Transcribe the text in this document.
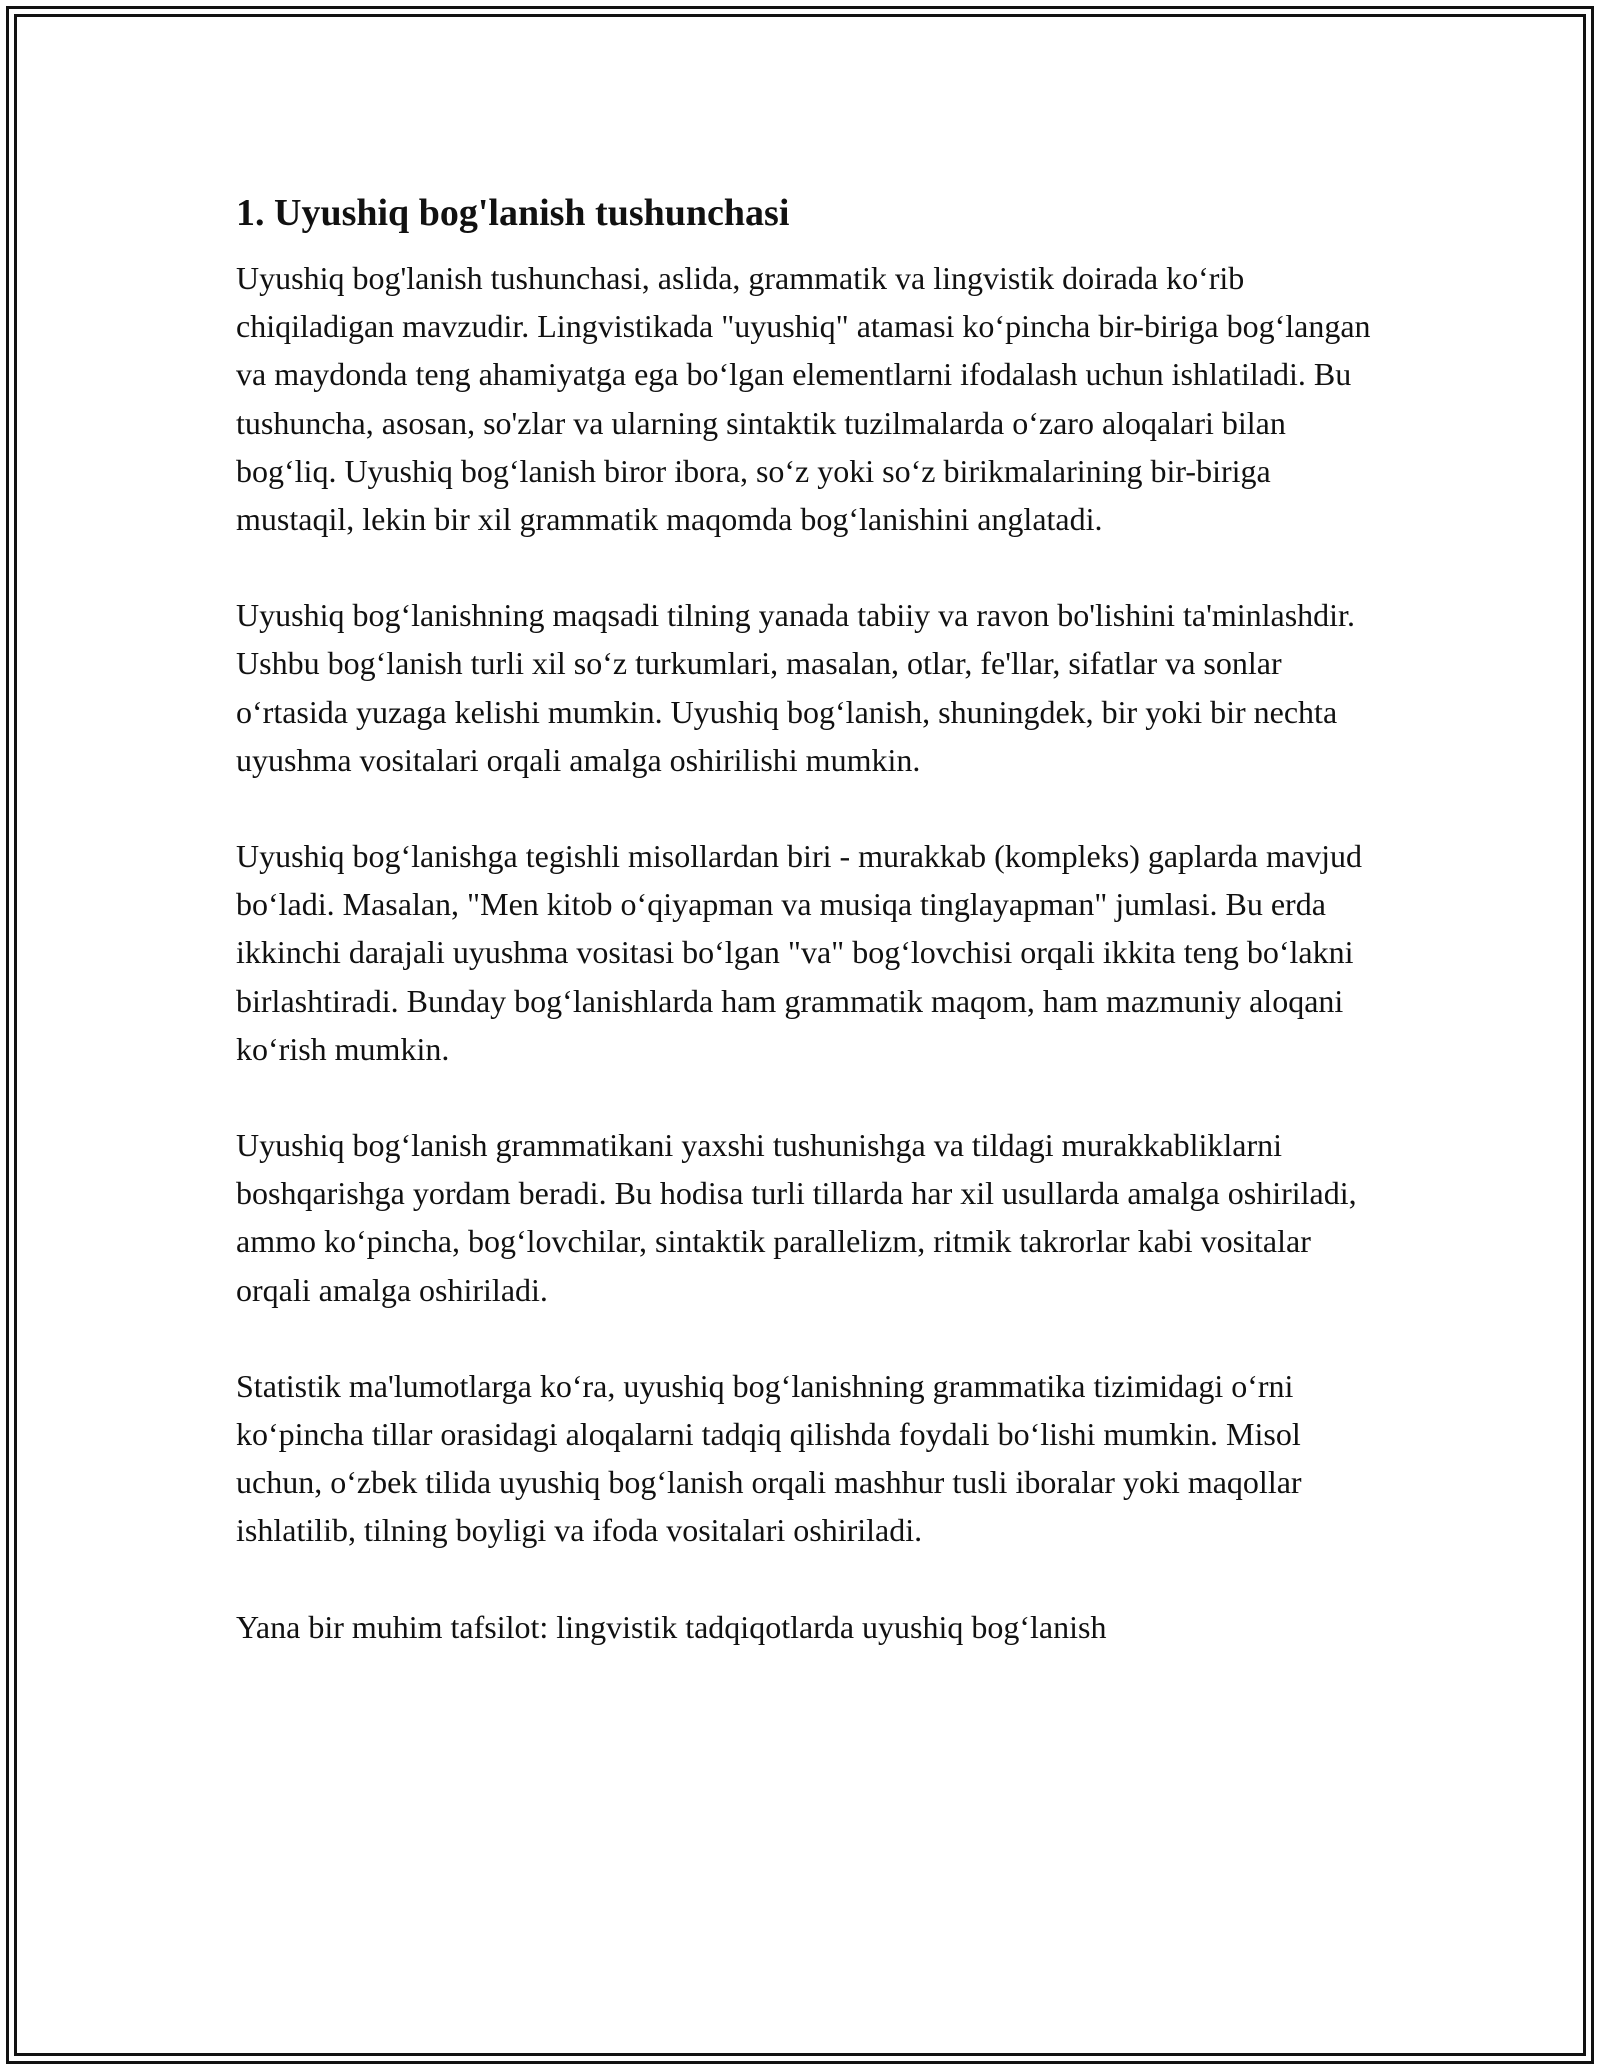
1. Uyushiq bog'lanish tushunchasi

Uyushiq bog'lanish tushunchasi, aslida, grammatik va lingvistik doirada ko‘rib chiqiladigan mavzudir. Lingvistikada "uyushiq" atamasi ko‘pincha bir-biriga bog‘langan va maydonda teng ahamiyatga ega bo‘lgan elementlarni ifodalash uchun ishlatiladi. Bu tushuncha, asosan, so'zlar va ularning sintaktik tuzilmalarda o‘zaro aloqalari bilan bog‘liq. Uyushiq bog‘lanish biror ibora, so‘z yoki so‘z birikmalarining bir-biriga mustaqil, lekin bir xil grammatik maqomda bog‘lanishini anglatadi.

Uyushiq bog‘lanishning maqsadi tilning yanada tabiiy va ravon bo'lishini ta'minlashdir. Ushbu bog‘lanish turli xil so‘z turkumlari, masalan, otlar, fe'llar, sifatlar va sonlar o‘rtasida yuzaga kelishi mumkin. Uyushiq bog‘lanish, shuningdek, bir yoki bir nechta uyushma vositalari orqali amalga oshirilishi mumkin.

Uyushiq bog‘lanishga tegishli misollardan biri - murakkab (kompleks) gaplarda mavjud bo‘ladi. Masalan, "Men kitob o‘qiyapman va musiqa tinglayapman" jumlasi. Bu erda ikkinchi darajali uyushma vositasi bo‘lgan "va" bog‘lovchisi orqali ikkita teng bo‘lakni birlashtiradi. Bunday bog‘lanishlarda ham grammatik maqom, ham mazmuniy aloqani ko‘rish mumkin.

Uyushiq bog‘lanish grammatikani yaxshi tushunishga va tildagi murakkabliklarni boshqarishga yordam beradi. Bu hodisa turli tillarda har xil usullarda amalga oshiriladi, ammo ko‘pincha, bog‘lovchilar, sintaktik parallelizm, ritmik takrorlar kabi vositalar orqali amalga oshiriladi.

Statistik ma'lumotlarga ko‘ra, uyushiq bog‘lanishning grammatika tizimidagi o‘rni ko‘pincha tillar orasidagi aloqalarni tadqiq qilishda foydali bo‘lishi mumkin. Misol uchun, o‘zbek tilida uyushiq bog‘lanish orqali mashhur tusli iboralar yoki maqollar ishlatilib, tilning boyligi va ifoda vositalari oshiriladi.

Yana bir muhim tafsilot: lingvistik tadqiqotlarda uyushiq bog‘lanish
